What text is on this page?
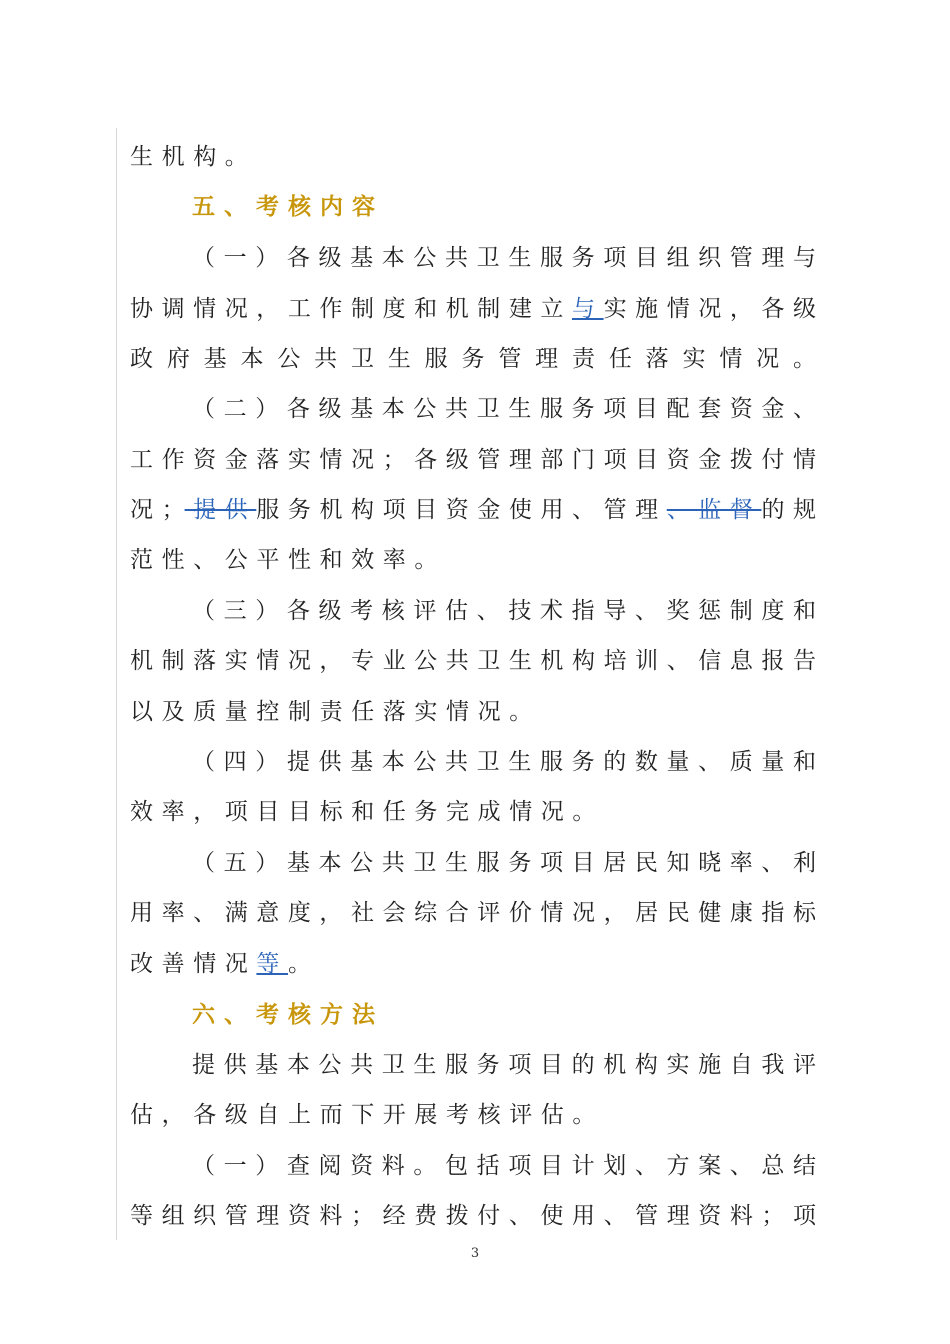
生机构。
五、考核内容
（一）各级基本公共卫生服务项目组织管理与
协调情况，工作制度和机制建立与实施情况，各级
政府基本公共卫生服务管理责任落实情况。
（二）各级基本公共卫生服务项目配套资金、
工作资金落实情况；各级管理部门项目资金拨付情
况；提供服务机构项目资金使用、管理、监督的规
范性、公平性和效率。
（三）各级考核评估、技术指导、奖惩制度和
机制落实情况，专业公共卫生机构培训、信息报告
以及质量控制责任落实情况。
（四）提供基本公共卫生服务的数量、质量和
效率，项目目标和任务完成情况。
（五）基本公共卫生服务项目居民知晓率、利
用率、满意度，社会综合评价情况，居民健康指标
改善情况等。
六、考核方法
提供基本公共卫生服务项目的机构实施自我评
估，各级自上而下开展考核评估。
（一）查阅资料。包括项目计划、方案、总结
等组织管理资料；经费拨付、使用、管理资料；项
3
